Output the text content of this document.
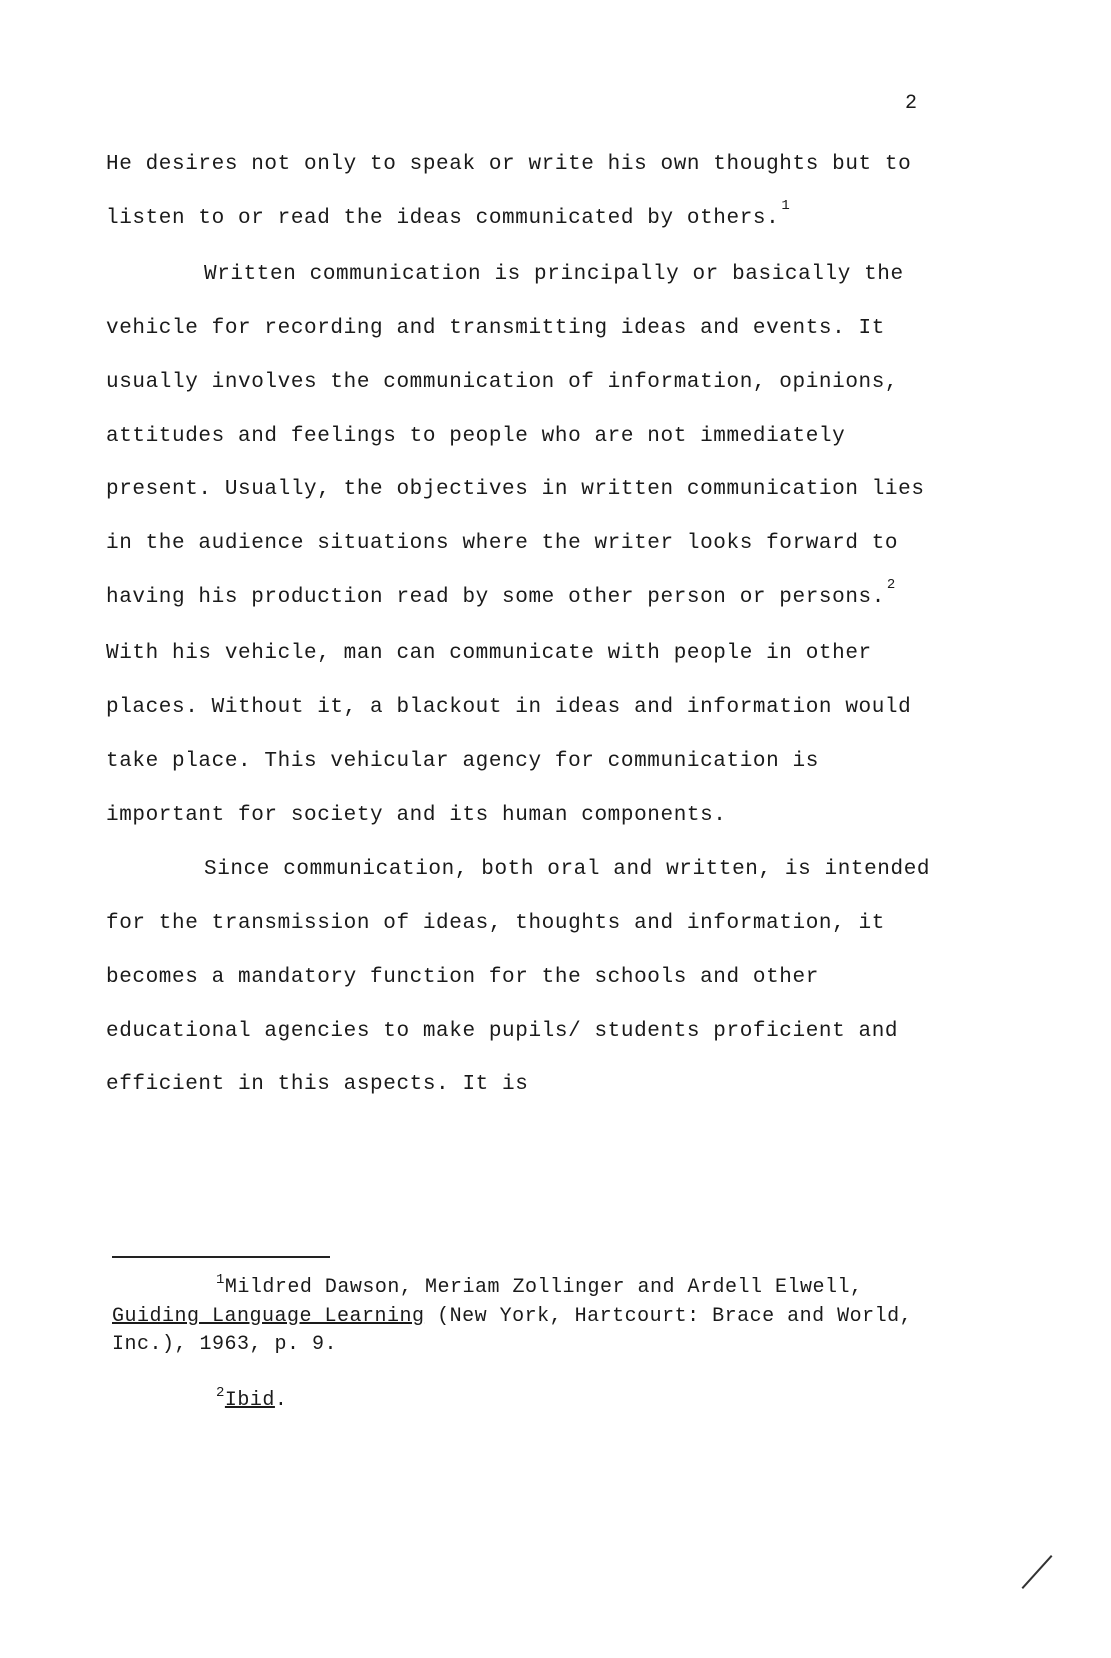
2

He desires not only to speak or write his own thoughts but to listen to or read the ideas communicated by others.$^1$

Written communication is principally or basically the vehicle for recording and transmitting ideas and events. It usually involves the communication of information, opinions, attitudes and feelings to people who are not immediately present. Usually, the objectives in written communication lies in the audience situations where the writer looks forward to having his production read by some other person or persons.$^2$ With his vehicle, man can communicate with people in other places. Without it, a blackout in ideas and information would take place. This vehicular agency for communication is important for society and its human components.

Since communication, both oral and written, is intended for the transmission of ideas, thoughts and information, it becomes a mandatory function for the schools and other educational agencies to make pupils/ students proficient and efficient in this aspects. It is

$^1$Mildred Dawson, Meriam Zollinger and Ardell Elwell, Guiding Language Learning (New York, Hartcourt: Brace and World, Inc.), 1963, p. 9.

$^2$Ibid.
